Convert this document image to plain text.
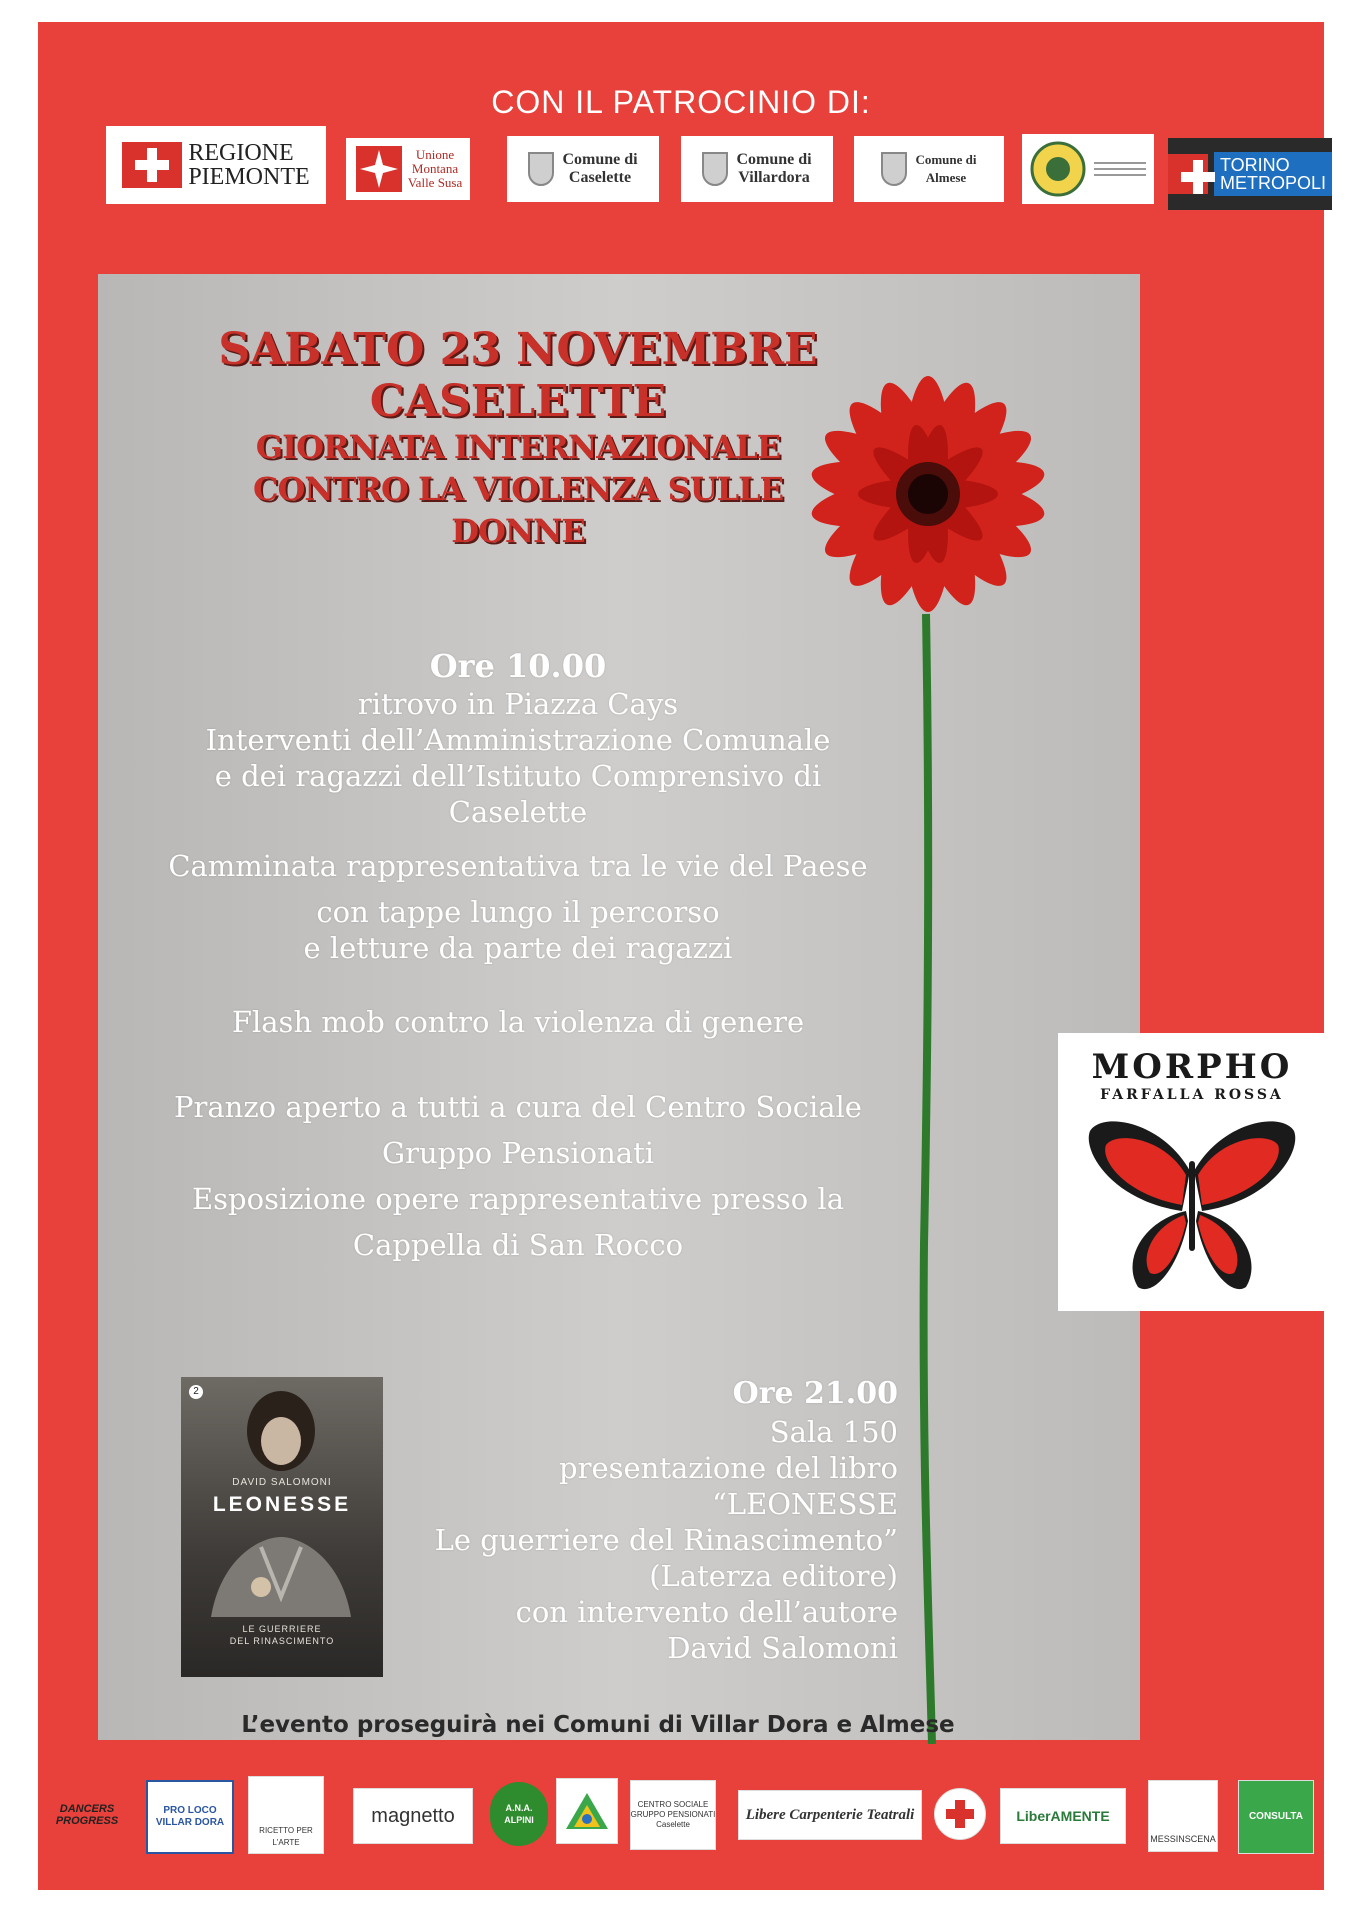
CON IL PATROCINIO DI:
REGIONE
PIEMONTE
Unione
Montana
Valle Susa
Comune di
Caselette
Comune di
Villardora
Comune di
Almese
TORINO
METROPOLI
SABATO 23 NOVEMBRE
CASELETTE
GIORNATA INTERNAZIONALE
CONTRO LA VIOLENZA SULLE
DONNE
Ore 10.00
ritrovo in Piazza Cays
Interventi dell’Amministrazione Comunale
e dei ragazzi dell’Istituto Comprensivo di
Caselette
Camminata rappresentativa tra le vie del Paese
con tappe lungo il percorso
e letture da parte dei ragazzi
Flash mob contro la violenza di genere
Pranzo aperto a tutti a cura del Centro Sociale
Gruppo Pensionati
Esposizione opere rappresentative presso la
Cappella di San Rocco
Ore 21.00
Sala 150
presentazione del libro
“LEONESSE
Le guerriere del Rinascimento”
(Laterza editore)
con intervento dell’autore
David Salomoni
L’evento proseguirà nei Comuni di Villar Dora e Almese
MORPHO
FARFALLA ROSSA
2
DAVID SALOMONI
LEONESSE
LE GUERRIERE
DEL RINASCIMENTO
DANCERS
PROGRESS
PRO LOCO
VILLAR DORA
RICETTO PER L'ARTE
magnetto	A.N.A.
ALPINI
CENTRO SOCIALE
GRUPPO PENSIONATI
Caselette
Libere Carpenterie Teatrali	LiberAMENTE
MESSINSCENA
CONSULTA
